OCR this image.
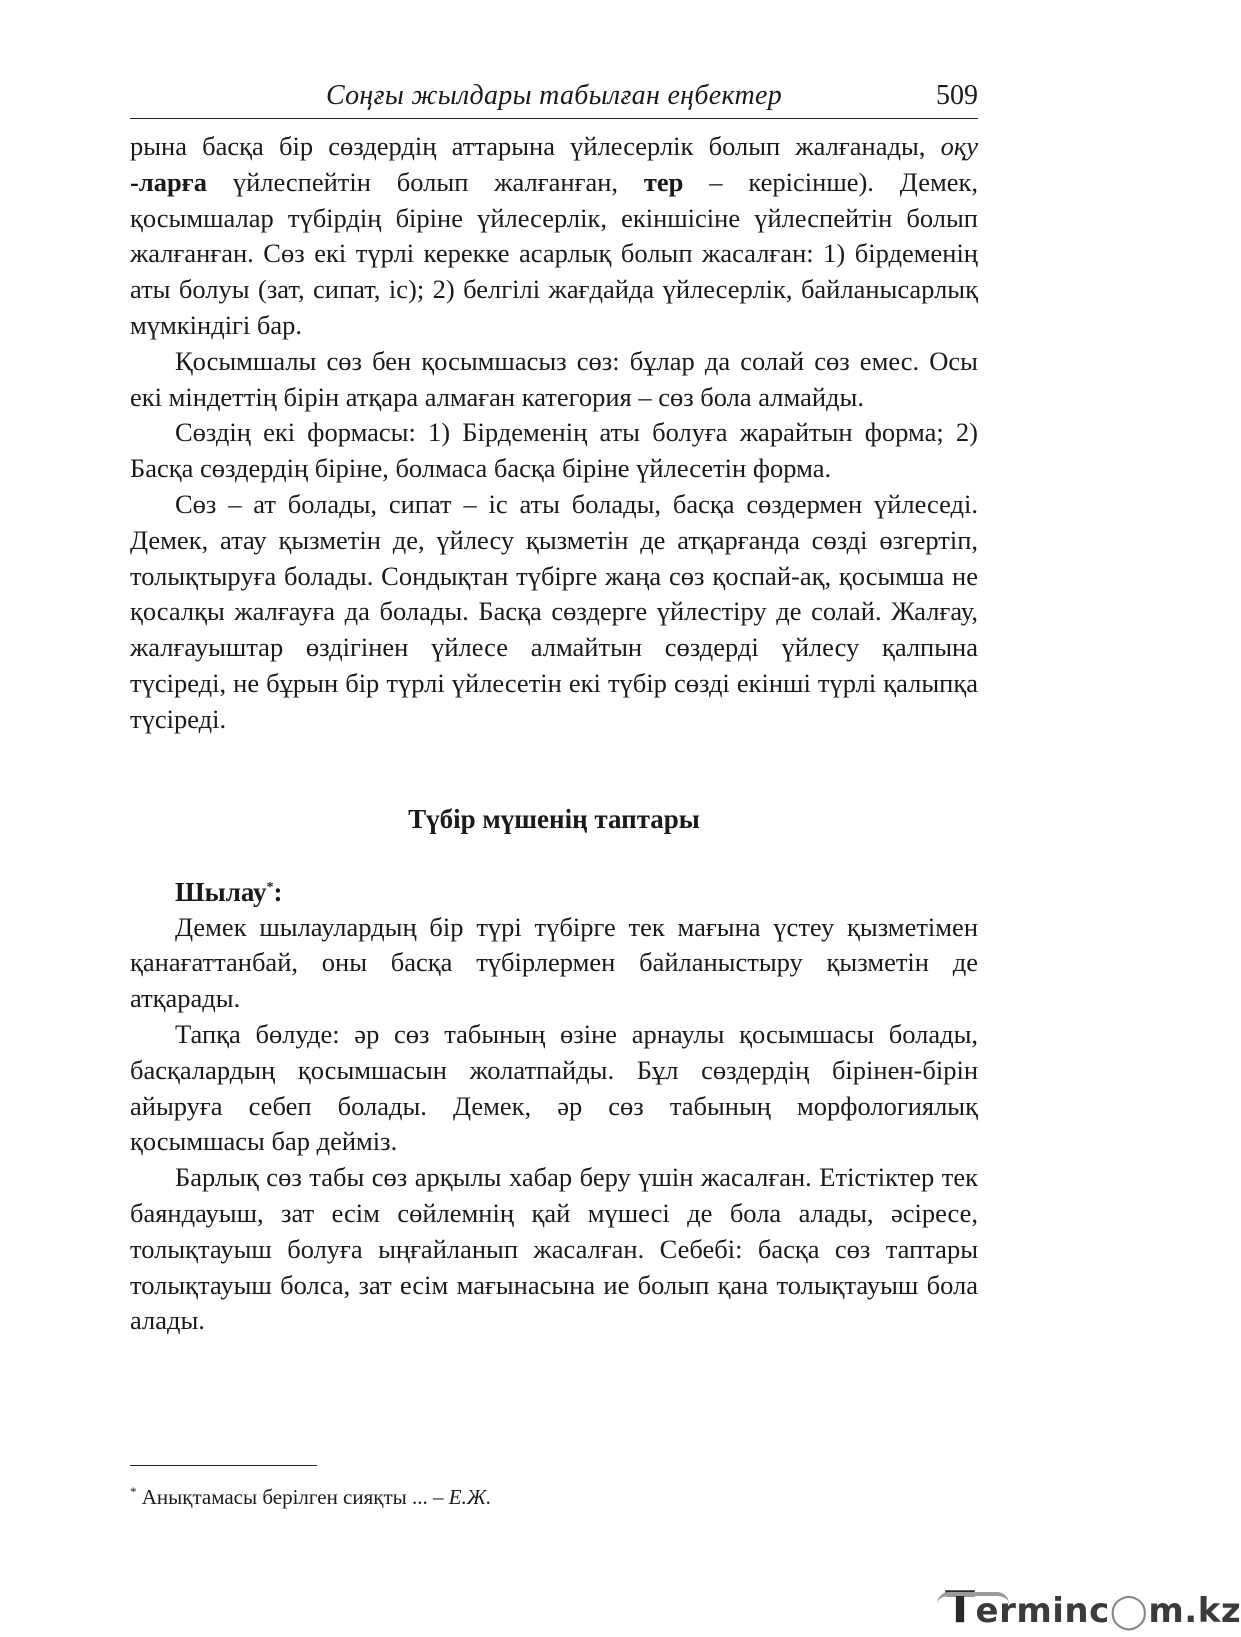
Соңғы жылдары табылған еңбектер	509

рына басқа бір сөздердің аттарына үйлесерлік болып жалғанады, оқу -ларға үйлеспейтін болып жалғанған, тер – керісінше). Демек, қосымшалар түбірдің біріне үйлесерлік, екіншісіне үйлеспейтін болып жалғанған. Сөз екі түрлі керекке асарлық болып жасалған: 1) бірдеменің аты болуы (зат, сипат, іс); 2) белгілі жағдайда үйлесерлік, байланысарлық мүмкіндігі бар.

Қосымшалы сөз бен қосымшасыз сөз: бұлар да солай сөз емес. Осы екі міндеттің бірін атқара алмаған категория – сөз бола алмайды.

Сөздің екі формасы: 1) Бірдеменің аты болуға жарайтын форма; 2) Басқа сөздердің біріне, болмаса басқа біріне үйлесетін форма.

Сөз – ат болады, сипат – іс аты болады, басқа сөздермен үйлеседі. Демек, атау қызметін де, үйлесу қызметін де атқарғанда сөзді өзгертіп, толықтыруға болады. Сондықтан түбірге жаңа сөз қоспай-ақ, қосымша не қосалқы жалғауға да болады. Басқа сөздерге үйлестіру де солай. Жалғау, жалғауыштар өздігінен үйлесе алмайтын сөздерді үйлесу қалпына түсіреді, не бұрын бір түрлі үйлесетін екі түбір сөзді екінші түрлі қалыпқа түсіреді.

Түбір мүшенің таптары
Шылау*:

Демек шылаулардың бір түрі түбірге тек мағына үстеу қызметімен қанағаттанбай, оны басқа түбірлермен байланыстыру қызметін де атқарады.

Тапқа бөлуде: әр сөз табының өзіне арнаулы қосымшасы болады, басқалардың қосымшасын жолатпайды. Бұл сөздердің бірінен-бірін айыруға себеп болады. Демек, әр сөз табының морфологиялық қосымшасы бар дейміз.

Барлық сөз табы сөз арқылы хабар беру үшін жасалған. Етістіктер тек баяндауыш, зат есім сөйлемнің қай мүшесі де бола алады, әсіресе, толықтауыш болуға ыңғайланып жасалған. Себебі: басқа сөз таптары толықтауыш болса, зат есім мағынасына ие болып қана толықтауыш бола алады.

* Анықтамасы берілген сияқты ... – Е.Ж.
Terminc◯m.kz
